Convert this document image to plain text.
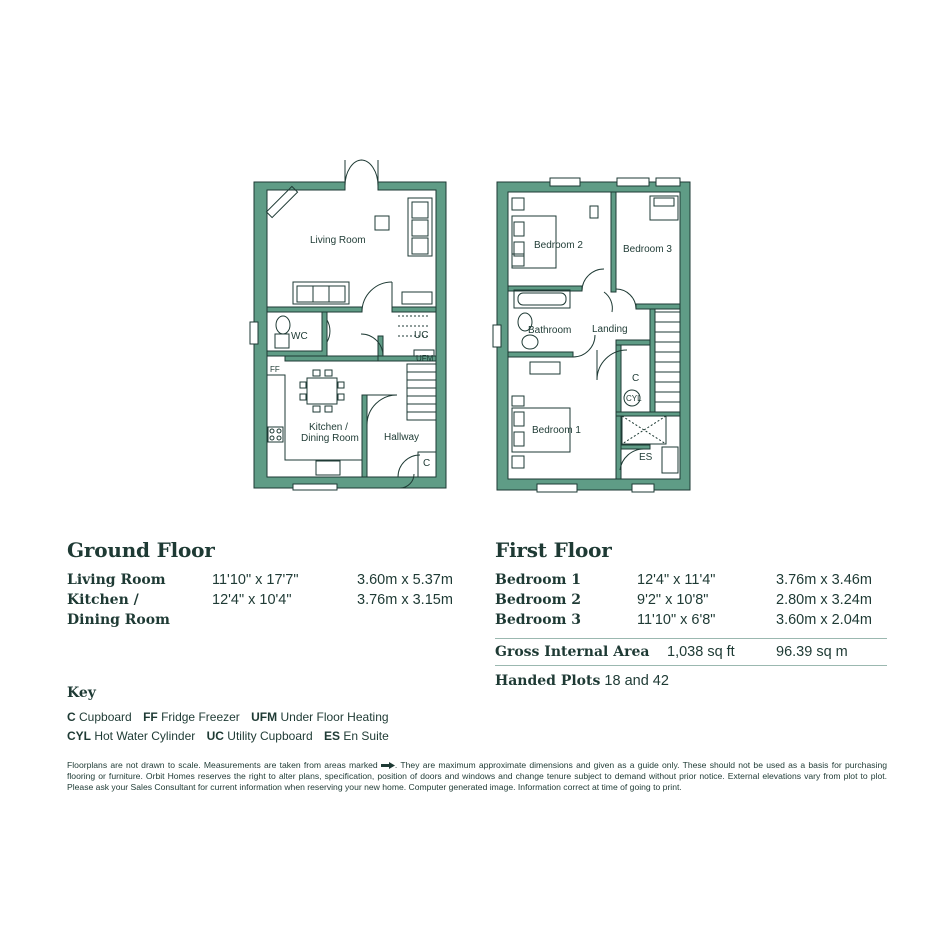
Living Room
WC	UC
UFM
FF
Kitchen /
Dining Room	Hallway
C
Bedroom 2	Bedroom 3
Bathroom Landing
C
CYL
Bedroom 1
ES
Ground Floor
Living Room	11'10" x 17'7"	3.60m x 5.37m
Kitchen /
Dining Room
12'4" x 10'4"	3.76m x 3.15m
First Floor
Bedroom 1	12'4" x 11'4"	3.76m x 3.46m
Bedroom 2	9'2" x 10'8"	2.80m x 3.24m
Bedroom 3	11'10" x 6'8"	3.60m x 2.04m
Gross Internal Area	1,038 sq ft	96.39 sq m
Handed Plots 18 and 42
Key
C Cupboard FF Fridge Freezer UFM Under Floor Heating
CYL Hot Water Cylinder UC Utility Cupboard ES En Suite
Floorplans are not drawn to scale. Measurements are taken from areas marked . They are maximum approximate dimensions and given as a guide only. These should not be used as a basis for purchasing flooring or furniture. Orbit Homes reserves the right to alter plans, specification, position of doors and windows and change tenure subject to demand without prior notice. External elevations vary from plot to plot. Please ask your Sales Consultant for current information when reserving your new home. Computer generated image. Information correct at time of going to print.
